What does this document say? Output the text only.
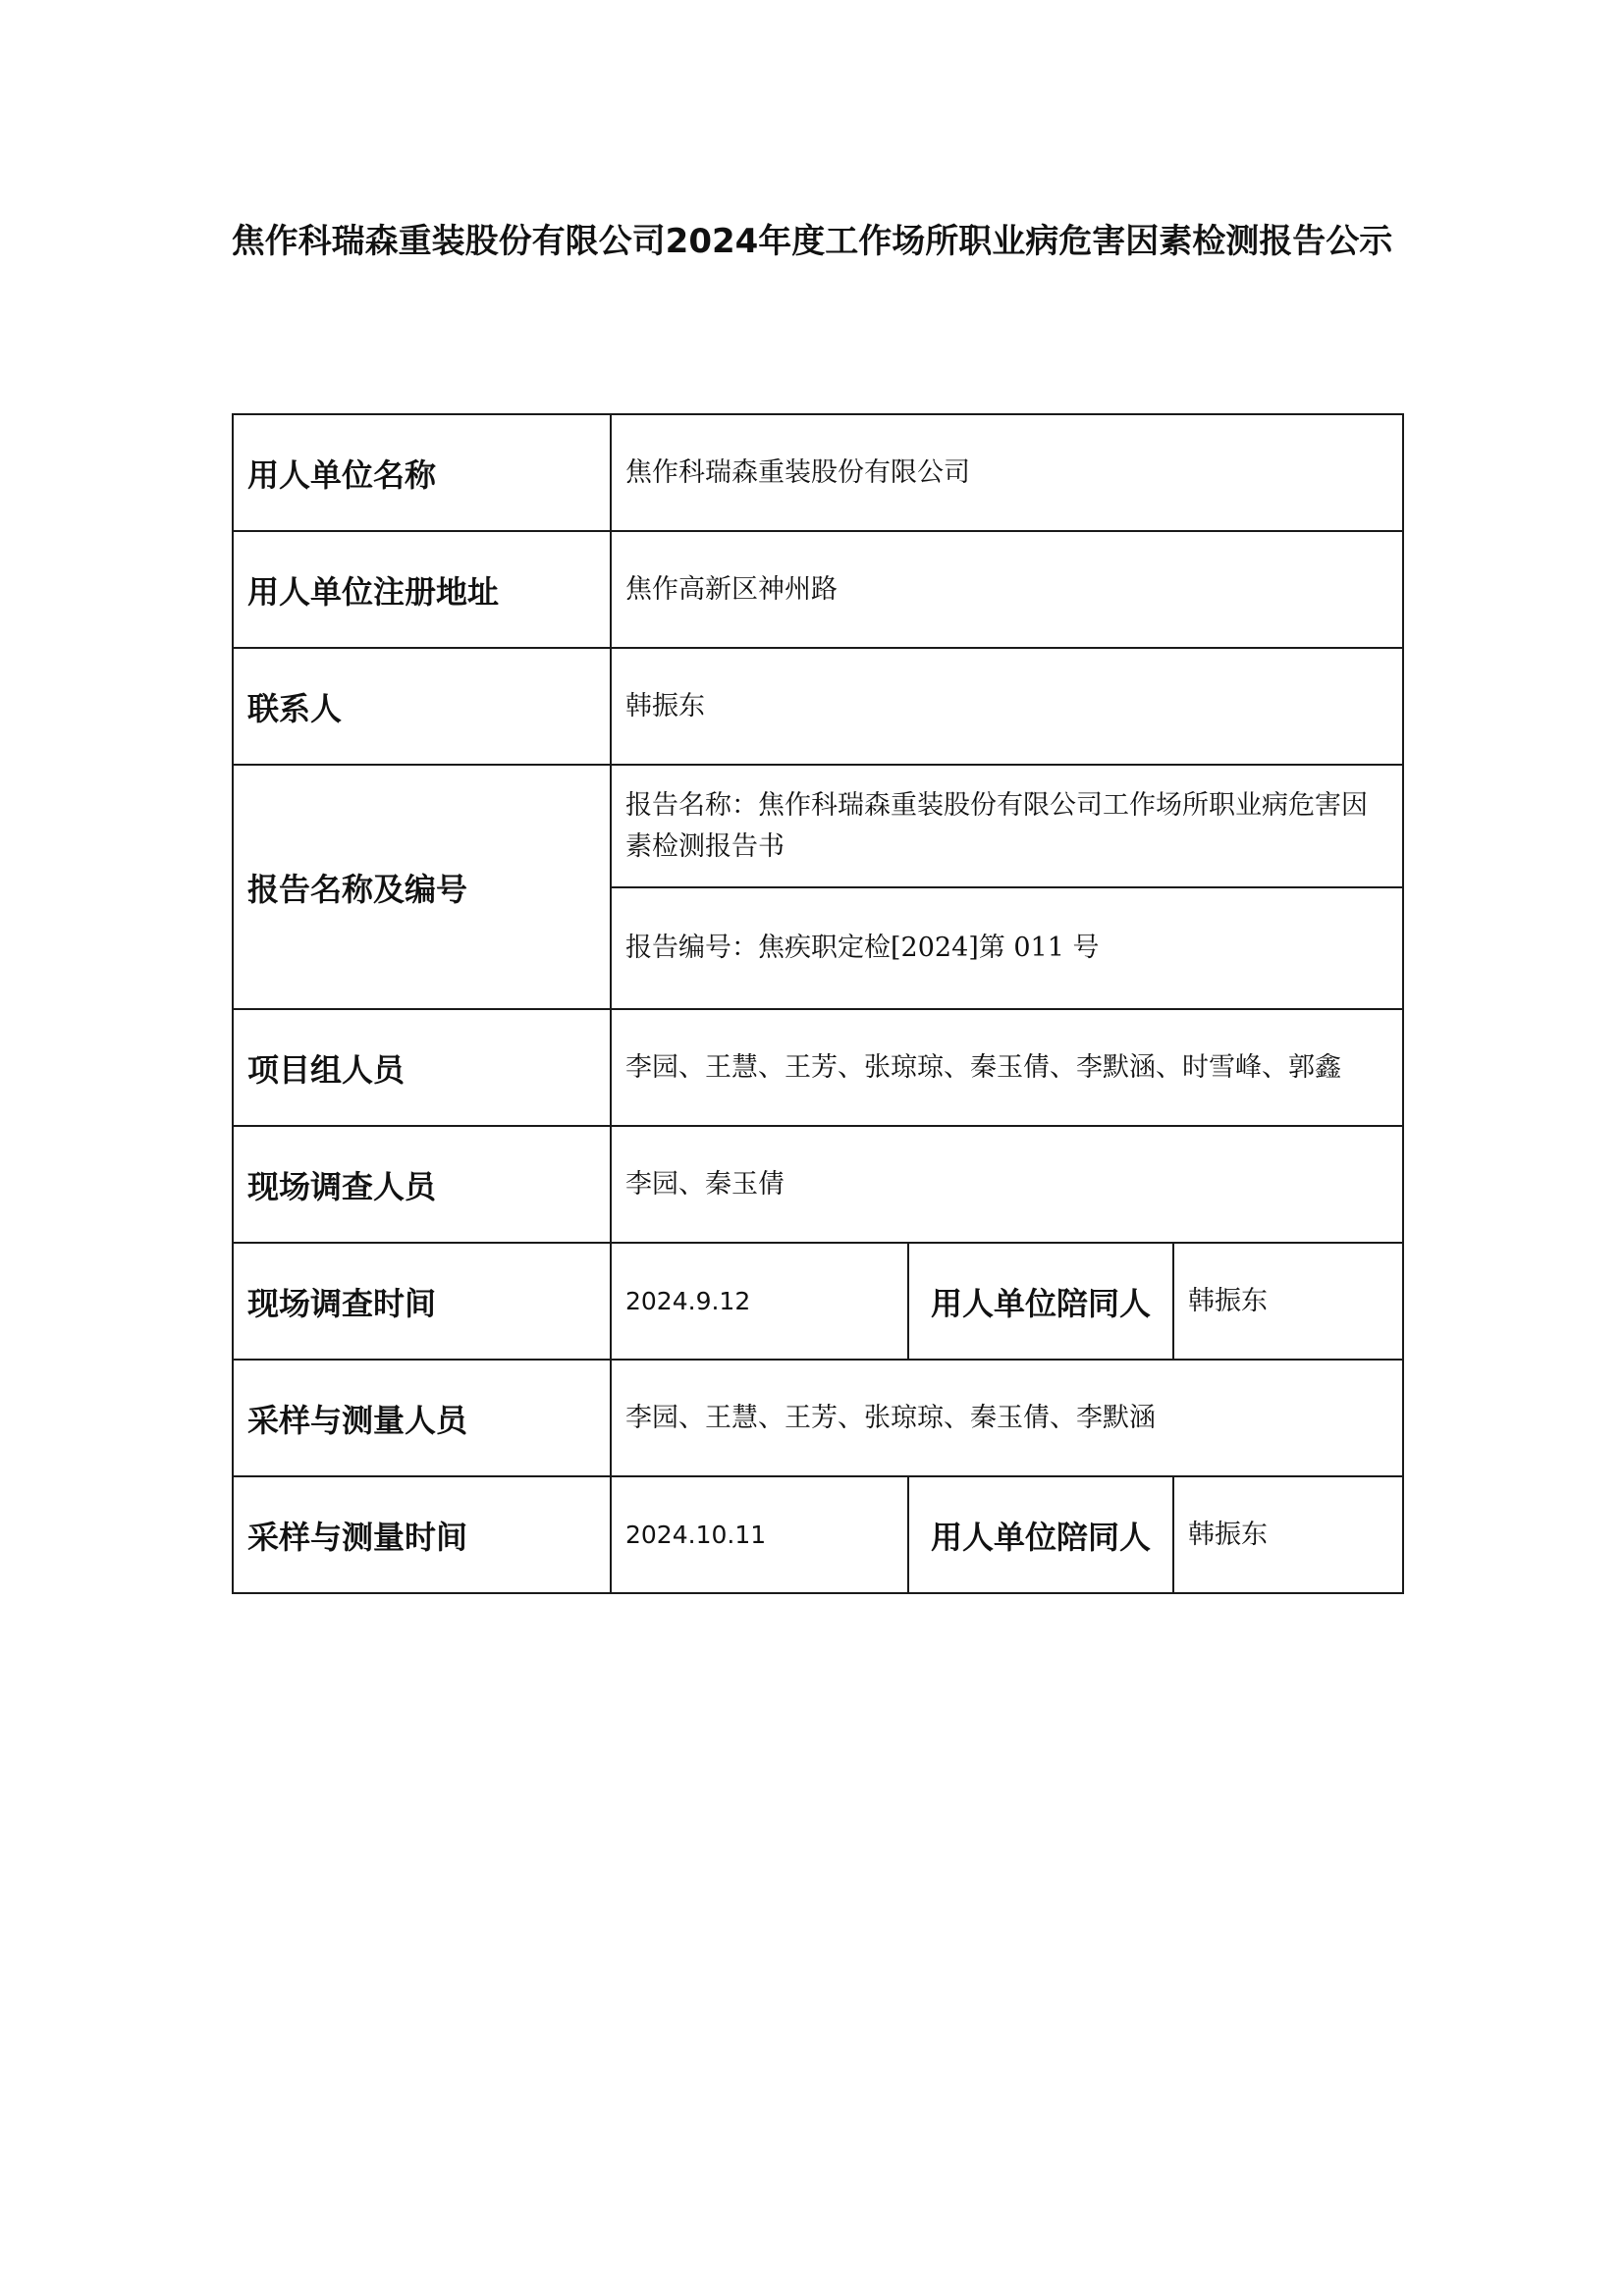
焦作科瑞森重装股份有限公司2024年度工作场所职业病危害因素检测报告公示
用人单位名称	焦作科瑞森重装股份有限公司		
用人单位注册地址	焦作高新区神州路		
联系人	韩振东		
报告名称及编号	报告名称：焦作科瑞森重装股份有限公司工作场所职业病危害因素检测报告书		
	报告编号：焦疾职定检[2024]第 011 号		
项目组人员	李园、王慧、王芳、张琼琼、秦玉倩、李默涵、时雪峰、郭鑫		
现场调查人员	李园、秦玉倩		
现场调查时间	2024.9.12	用人单位陪同人	韩振东
采样与测量人员	李园、王慧、王芳、张琼琼、秦玉倩、李默涵		
采样与测量时间	2024.10.11	用人单位陪同人	韩振东
